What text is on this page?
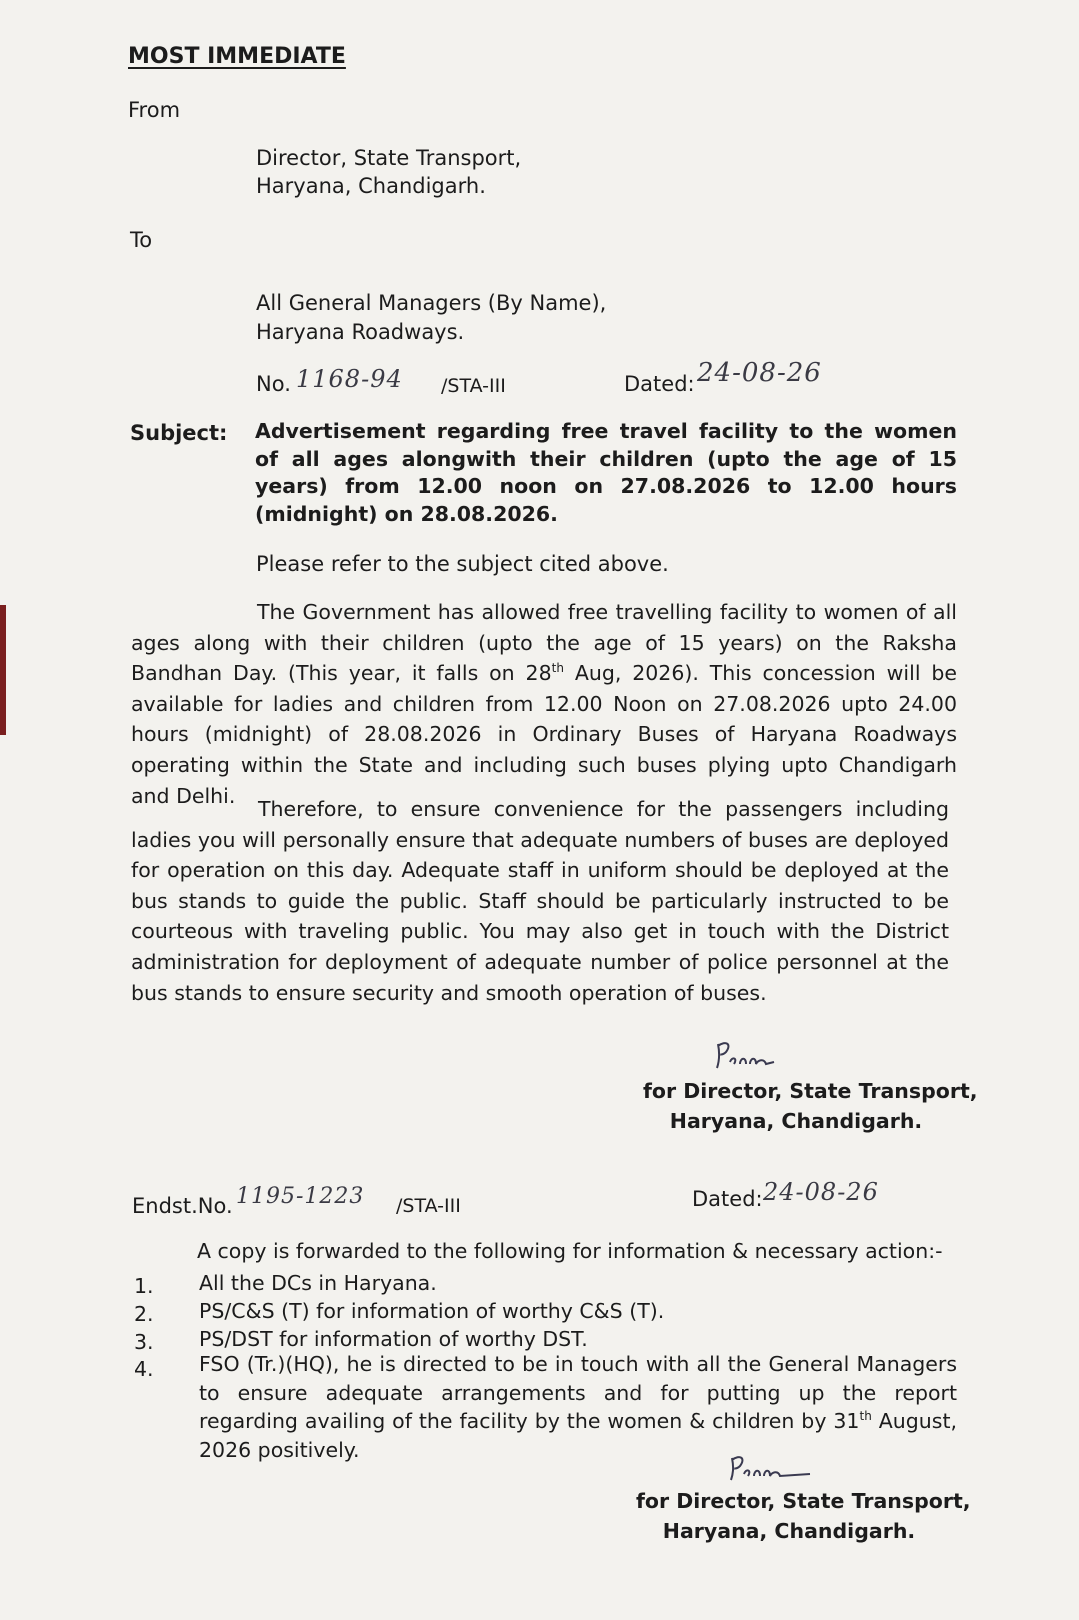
MOST IMMEDIATE
From
Director, State Transport,
Haryana, Chandigarh.
To
All General Managers (By Name),
Haryana Roadways.
No. 1168-94 /STA-III	Dated: 24-08-26
Subject: Advertisement regarding free travel facility to the women of all ages alongwith their children (upto the age of 15 years) from 12.00 noon on 27.08.2026 to 12.00 hours (midnight) on 28.08.2026.
Please refer to the subject cited above.
The Government has allowed free travelling facility to women of all ages along with their children (upto the age of 15 years) on the Raksha Bandhan Day. (This year, it falls on 28th Aug, 2026). This concession will be available for ladies and children from 12.00 Noon on 27.08.2026 upto 24.00 hours (midnight) of 28.08.2026 in Ordinary Buses of Haryana Roadways operating within the State and including such buses plying upto Chandigarh and Delhi.
Therefore, to ensure convenience for the passengers including ladies you will personally ensure that adequate numbers of buses are deployed for operation on this day. Adequate staff in uniform should be deployed at the bus stands to guide the public. Staff should be particularly instructed to be courteous with traveling public. You may also get in touch with the District administration for deployment of adequate number of police personnel at the bus stands to ensure security and smooth operation of buses.
for Director, State Transport,
Haryana, Chandigarh.
Endst.No. 1195-1223 /STA-III	Dated: 24-08-26
A copy is forwarded to the following for information & necessary action:-
1. All the DCs in Haryana.
2. PS/C&S (T) for information of worthy C&S (T).
3. PS/DST for information of worthy DST.
4. FSO (Tr.)(HQ), he is directed to be in touch with all the General Managers to ensure adequate arrangements and for putting up the report regarding availing of the facility by the women & children by 31th August, 2026 positively.
for Director, State Transport,
Haryana, Chandigarh.
